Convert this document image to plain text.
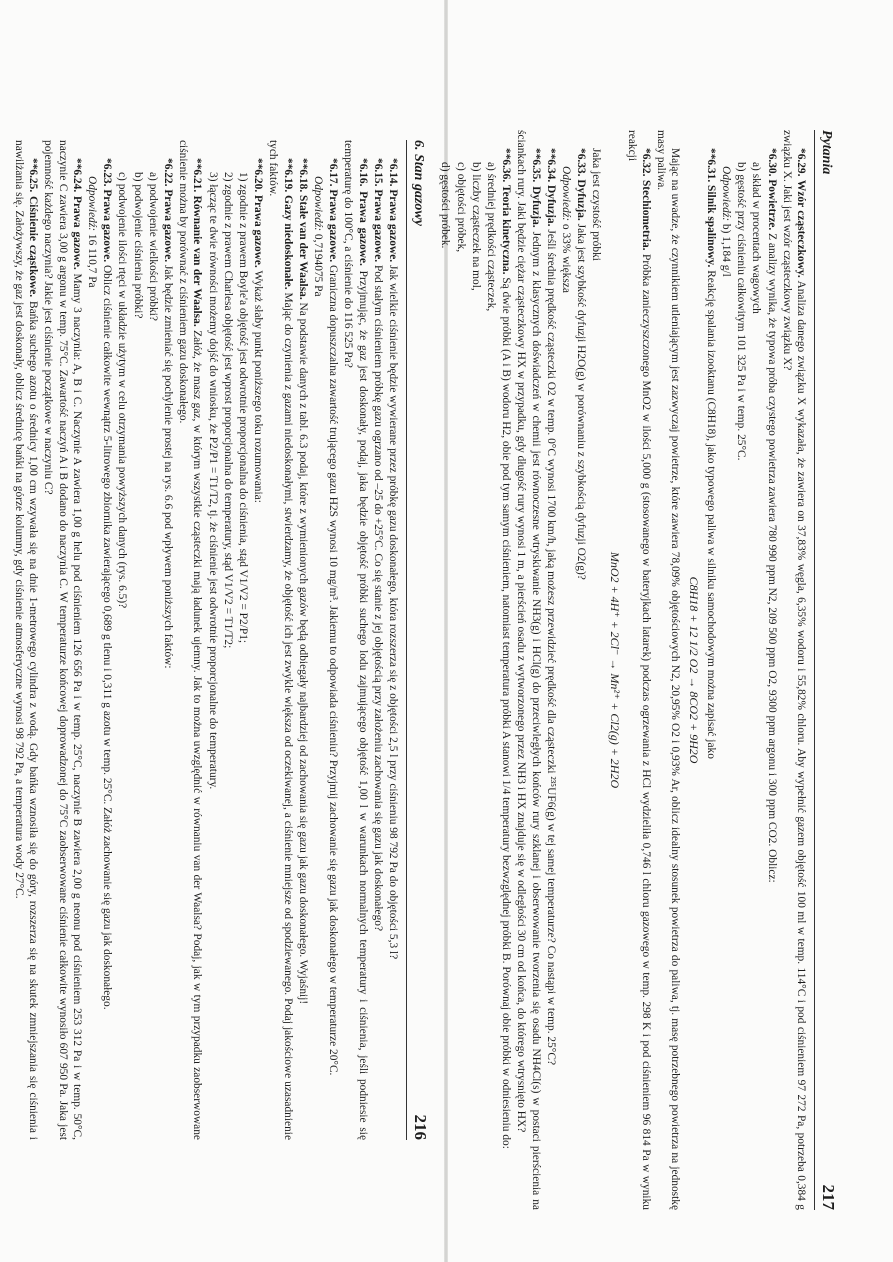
6. Stan gazowy
216

*6.14. Prawa gazowe. Jak wielkie ciśnienie będzie wywierane przez próbkę gazu doskonałego, która rozszerza się z objętości 2,5 l przy ciśnieniu 98 792 Pa do objętości 5,3 l?

*6.15. Prawa gazowe. Pod stałym ciśnieniem próbkę gazu ogrzano od –25 do +25°C. Co się stanie z jej objętością przy założeniu zachowania się gazu jak doskonałego?

*6.16. Prawa gazowe. Przyjmując, że gaz jest doskonały, podaj, jaka będzie objętość próbki suchego lodu zajmującego objętość 1,00 l w warunkach normalnych temperatury i ciśnienia, jeśli podniesie się temperaturę do 100°C, a ciśnienie do 116 525 Pa?

*6.17. Prawa gazowe. Graniczna dopuszczalna zawartość trującego gazu H2S wynosi 10 mg/m³. Jakiemu to odpowiada ciśnieniu? Przyjmij zachowanie się gazu jak doskonałego w temperaturze 20°C.

Odpowiedź: 0,7194075 Pa

**6.18. Stałe van der Waalsa. Na podstawie danych z tabl. 6.3 podaj, które z wymienionych gazów będą odbiegały najbardziej od zachowania się gazu jak gazu doskonałego. Wyjaśnij!

**6.19. Gazy niedoskonałe. Mając do czynienia z gazami niedoskonałymi, stwierdzamy, że objętość ich jest zwykle większa od oczekiwanej, a ciśnienie mniejsze od spodziewanego. Podaj jakościowe uzasadnienie tych faktów.

**6.20. Prawa gazowe. Wykaż słaby punkt poniższego toku rozumowania:

1) zgodnie z prawem Boyle'a objętość jest odwrotnie proporcjonalna do ciśnienia, stąd V1/V2 = P2/P1;
2) zgodnie z prawem Charlesa objętość jest wprost proporcjonalna do temperatury, stąd V1/V2 = T1/T2;
3) łącząc te dwie równości możemy dojść do wniosku, że P2/P1 = T1/T2, tj. że ciśnienie jest odwrotnie proporcjonalne do temperatury.

**6.21. Równanie van der Waalsa. Załóż, że masz gaz, w którym wszystkie cząsteczki mają ładunek ujemny. Jak to można uwzględnić w równaniu van der Waalsa? Podaj, jak w tym przypadku zaobserwowane ciśnienie można by porównać z ciśnieniem gazu doskonałego.

*6.22. Prawa gazowe. Jak będzie zmieniać się pochylenie prostej na rys. 6.6 pod wpływem poniższych faktów:

a) podwojenie wielkości próbki?
b) podwojenie ciśnienia próbki?
c) podwojenie ilości rtęci w układzie użytym w celu otrzymania powyższych danych (rys. 6.5)?

*6.23. Prawa gazowe. Oblicz ciśnienie całkowite wewnątrz 5-litrowego zbiornika zawierającego 0,689 g tlenu i 0,311 g azotu w temp. 25°C. Załóż zachowanie się gazu jak doskonałego.

Odpowiedź: 16 110,7 Pa

**6.24. Prawa gazowe. Mamy 3 naczynia: A, B i C. Naczynie A zawiera 1,00 g helu pod ciśnieniem 126 656 Pa i w temp. 25°C, naczynie B zawiera 2,00 g neonu pod ciśnieniem 253 312 Pa i w temp. 50°C, naczynie C zawiera 3,00 g argonu w temp. 75°C. Zawartość naczyń A i B dodano do naczynia C. W temperaturze końcowej doprowadzonej do 75°C zaobserwowane ciśnienie całkowite wynosiło 607 950 Pa. Jaka jest pojemność każdego naczynia? Jakie jest ciśnienie początkowe w naczyniu C?

**6.25. Ciśnienie cząstkowe. Bańka suchego azotu o średnicy 1,00 cm wzywała się na dnie 1-metrowego cylindra z wodą. Gdy bańka wznosiła się do góry, rozszerza się na skutek zmniejszania się ciśnienia i nawilżania się. Założywszy, że gaz jest doskonały, oblicz średnicę bańki na górze kolumny, gdy ciśnienie atmosferyczne wynosi 98 792 Pa, a temperatura wody 27°C.	Pytania
217

*6.29. Wzór cząsteczkowy. Analiza danego związku X wykazała, że zawiera on 37,83% węgla, 6,35% wodoru i 55,82% chloru. Aby wypełnić gazem objętość 100 ml w temp. 114°C i pod ciśnieniem 97 272 Pa, potrzeba 0,384 g związku X. Jaki jest wzór cząsteczkowy związku X?

*6.30. Powietrze. Z analizy wynika, że typowa próba czystego powietrza zawiera 780 990 ppm N2, 209 500 ppm O2, 9300 ppm argonu i 300 ppm CO2. Oblicz:

a) skład w procentach wagowych
b) gęstość przy ciśnieniu całkowitym 101 325 Pa i w temp. 25°C.

Odpowiedź: b) 1,184 g/l

**6.31. Silnik spalinowy. Reakcję spalania izooktanu (C8H18), jako typowego paliwa w silniku samochodowym można zapisać jako

C8H18 + 12 1/2 O2 → 8CO2 + 9H2O

Mając na uwadze, że czynnikiem utleniającym jest zazwyczaj powietrze, które zawiera 78,09% objętościowych N2, 20,95% O2 i 0,93% Ar, oblicz idealny stosunek powietrza do paliwa, tj. masę potrzebnego powietrza na jednostkę masy paliwa.

*6.32. Stechiometria. Próbka zanieczyszczonego MnO2 w ilości 5,000 g (stosowanego w bateryjkach latarek) podczas ogrzewania z HCl wydzieliła 0,746 l chloru gazowego w temp. 298 K i pod ciśnieniem 96 814 Pa w wyniku reakcji

MnO2 + 4H⁺ + 2Cl⁻ → Mn²⁺ + Cl2(g) + 2H2O

Jaka jest czystość próbki

*6.33. Dyfuzja. Jaka jest szybkość dyfuzji H2O(g) w porównaniu z szybkością dyfuzji O2(g)?

Odpowiedź: o 33% większa

**6.34. Dyfuzja. Jeśli średnia prędkość cząsteczki O2 w temp. 0°C wynosi 1700 km/h, jaką możesz przewidzieć prędkość dla cząsteczki ²³⁵UF6(g) w tej samej temperaturze? Co nastąpi w temp. 25°C?

**6.35. Dyfuzja. Jednym z klasycznych doświadczeń w chemii jest równoczesne wtryskiwanie NH3(g) i HCl(g) do przeciwległych końców rury szklanej i obserwowanie tworzenia się osadu NH4Cl(s) w postaci pierścienia na ściankach rury. Jaki będzie ciężar cząsteczkowy HX w przypadku, gdy długość rury wynosi 1 m, a pierścień osadu z wytworzonego przez NH3 i HX znajduje się w odległości 30 cm od końca, do którego wtrysnięto HX?

**6.36. Teoria kinetyczna. Są dwie próbki (A i B) wodoru H2, obie pod tym samym ciśnieniem, natomiast temperatura próbki A stanowi 1/4 temperatury bezwzględnej próbki B. Porównaj obie próbki w odniesieniu do:

a) średniej prędkości cząsteczek,
b) liczby cząsteczek na mol,
c) objętości próbek,
d) gęstości próbek.
